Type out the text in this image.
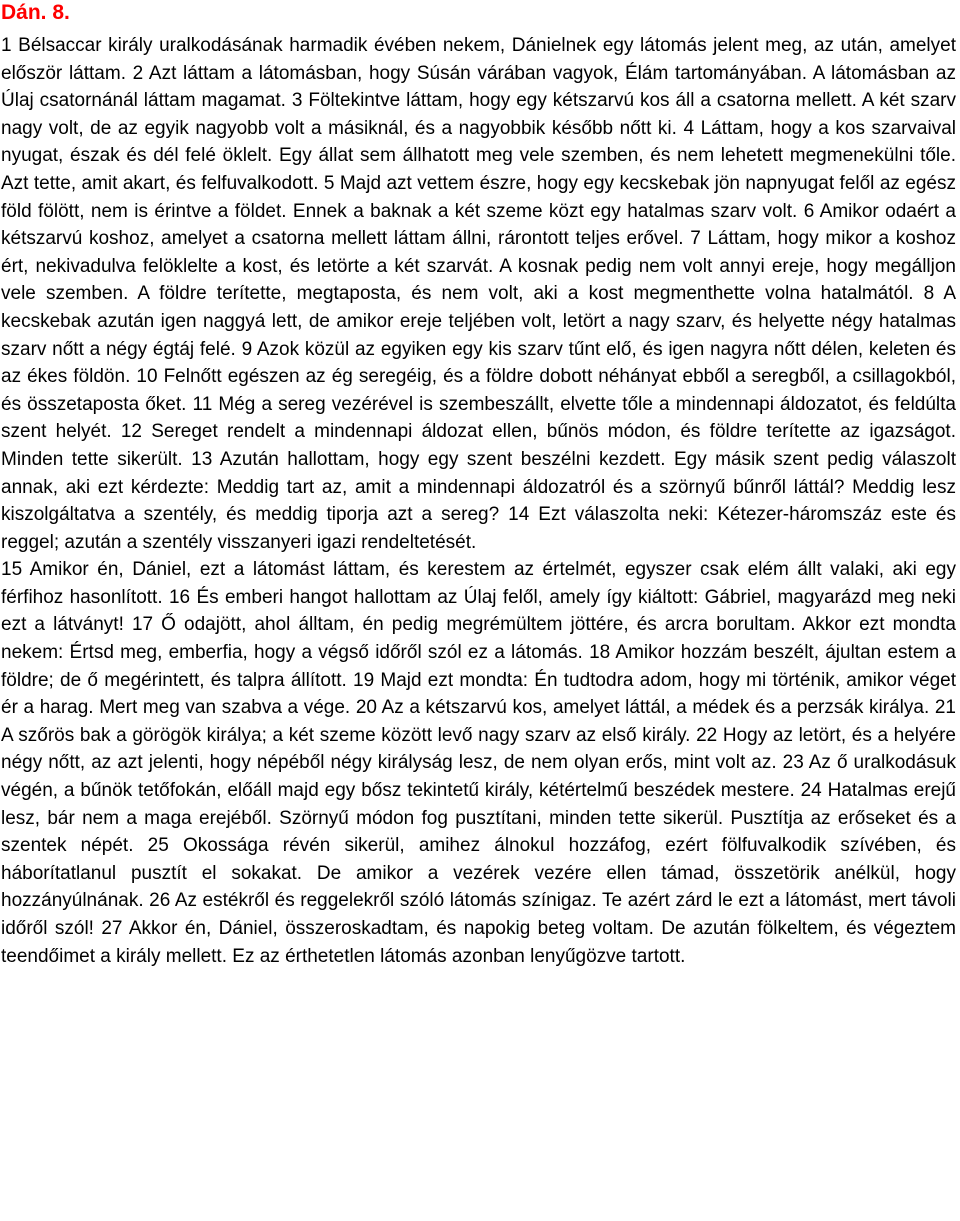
Dán. 8.

1 Bélsaccar király uralkodásának harmadik évében nekem, Dánielnek egy látomás jelent meg, az után, amelyet először láttam. 2 Azt láttam a látomásban, hogy Súsán várában vagyok, Élám tartományában. A látomásban az Úlaj csatornánál láttam magamat. 3 Föltekintve láttam, hogy egy kétszarvú kos áll a csatorna mellett. A két szarv nagy volt, de az egyik nagyobb volt a másiknál, és a nagyobbik később nőtt ki. 4 Láttam, hogy a kos szarvaival nyugat, észak és dél felé öklelt. Egy állat sem állhatott meg vele szemben, és nem lehetett megmenekülni tőle. Azt tette, amit akart, és felfuvalkodott. 5 Majd azt vettem észre, hogy egy kecskebak jön napnyugat felől az egész föld fölött, nem is érintve a földet. Ennek a baknak a két szeme közt egy hatalmas szarv volt. 6 Amikor odaért a kétszarvú koshoz, amelyet a csatorna mellett láttam állni, rárontott teljes erővel. 7 Láttam, hogy mikor a koshoz ért, nekivadulva felöklelte a kost, és letörte a két szarvát. A kosnak pedig nem volt annyi ereje, hogy megálljon vele szemben. A földre terítette, megtaposta, és nem volt, aki a kost megmenthette volna hatalmától. 8 A kecskebak azután igen naggyá lett, de amikor ereje teljében volt, letört a nagy szarv, és helyette négy hatalmas szarv nőtt a négy égtáj felé. 9 Azok közül az egyiken egy kis szarv tűnt elő, és igen nagyra nőtt délen, keleten és az ékes földön. 10 Felnőtt egészen az ég seregéig, és a földre dobott néhányat ebből a seregből, a csillagokból, és összetaposta őket. 11 Még a sereg vezérével is szembeszállt, elvette tőle a mindennapi áldozatot, és feldúlta szent helyét. 12 Sereget rendelt a mindennapi áldozat ellen, bűnös módon, és földre terítette az igazságot. Minden tette sikerült. 13 Azután hallottam, hogy egy szent beszélni kezdett. Egy másik szent pedig válaszolt annak, aki ezt kérdezte: Meddig tart az, amit a mindennapi áldozatról és a szörnyű bűnről láttál? Meddig lesz kiszolgáltatva a szentély, és meddig tiporja azt a sereg? 14 Ezt válaszolta neki: Kétezer-háromszáz este és reggel; azután a szentély visszanyeri igazi rendeltetését.

15 Amikor én, Dániel, ezt a látomást láttam, és kerestem az értelmét, egyszer csak elém állt valaki, aki egy férfihoz hasonlított. 16 És emberi hangot hallottam az Úlaj felől, amely így kiáltott: Gábriel, magyarázd meg neki ezt a látványt! 17 Ő odajött, ahol álltam, én pedig megrémültem jöttére, és arcra borultam. Akkor ezt mondta nekem: Értsd meg, emberfia, hogy a végső időről szól ez a látomás. 18 Amikor hozzám beszélt, ájultan estem a földre; de ő megérintett, és talpra állított. 19 Majd ezt mondta: Én tudtodra adom, hogy mi történik, amikor véget ér a harag. Mert meg van szabva a vége. 20 Az a kétszarvú kos, amelyet láttál, a médek és a perzsák királya. 21 A szőrös bak a görögök királya; a két szeme között levő nagy szarv az első király. 22 Hogy az letört, és a helyére négy nőtt, az azt jelenti, hogy népéből négy királyság lesz, de nem olyan erős, mint volt az. 23 Az ő uralkodásuk végén, a bűnök tetőfokán, előáll majd egy bősz tekintetű király, kétértelmű beszédek mestere. 24 Hatalmas erejű lesz, bár nem a maga erejéből. Szörnyű módon fog pusztítani, minden tette sikerül. Pusztítja az erőseket és a szentek népét. 25 Okossága révén sikerül, amihez álnokul hozzáfog, ezért fölfuvalkodik szívében, és háborítatlanul pusztít el sokakat. De amikor a vezérek vezére ellen támad, összetörik anélkül, hogy hozzányúlnának. 26 Az estékről és reggelekről szóló látomás színigaz. Te azért zárd le ezt a látomást, mert távoli időről szól! 27 Akkor én, Dániel, összeroskadtam, és napokig beteg voltam. De azután fölkeltem, és végeztem teendőimet a király mellett. Ez az érthetetlen látomás azonban lenyűgözve tartott.
